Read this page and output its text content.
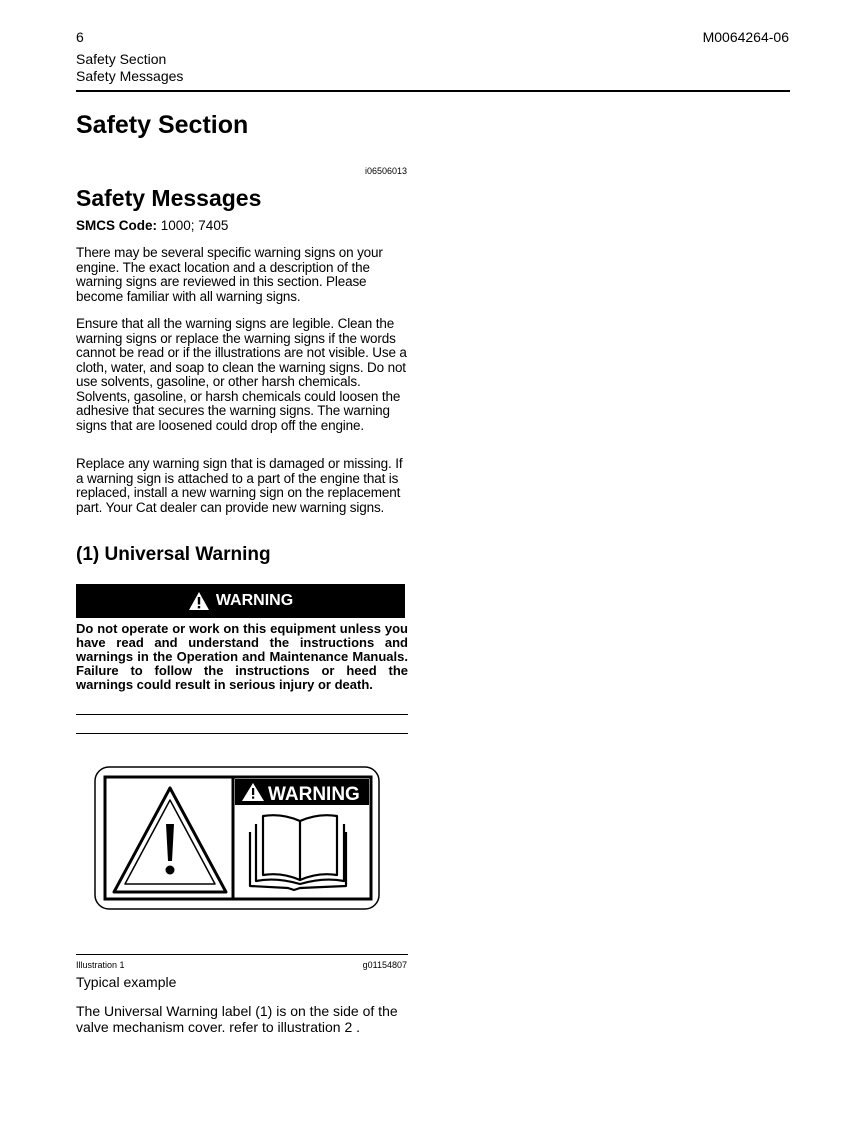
6	M0064264-06
Safety Section
Safety Messages
Safety Section
i06506013
Safety Messages
SMCS Code: 1000; 7405

There may be several specific warning signs on your engine. The exact location and a description of the warning signs are reviewed in this section. Please become familiar with all warning signs.

Ensure that all the warning signs are legible. Clean the warning signs or replace the warning signs if the words cannot be read or if the illustrations are not visible. Use a cloth, water, and soap to clean the warning signs. Do not use solvents, gasoline, or other harsh chemicals. Solvents, gasoline, or harsh chemicals could loosen the adhesive that secures the warning signs. The warning signs that are loosened could drop off the engine.

Replace any warning sign that is damaged or missing. If a warning sign is attached to a part of the engine that is replaced, install a new warning sign on the replacement part. Your Cat dealer can provide new warning signs.

(1) Universal Warning
WARNING

Do not operate or work on this equipment unless you have read and understand the instructions and warnings in the Operation and Maintenance Manuals. Failure to follow the instructions or heed the warnings could result in serious injury or death.

WARNING
Illustration 1	g01154807
Typical example

The Universal Warning label (1) is on the side of the valve mechanism cover. refer to illustration 2 .
